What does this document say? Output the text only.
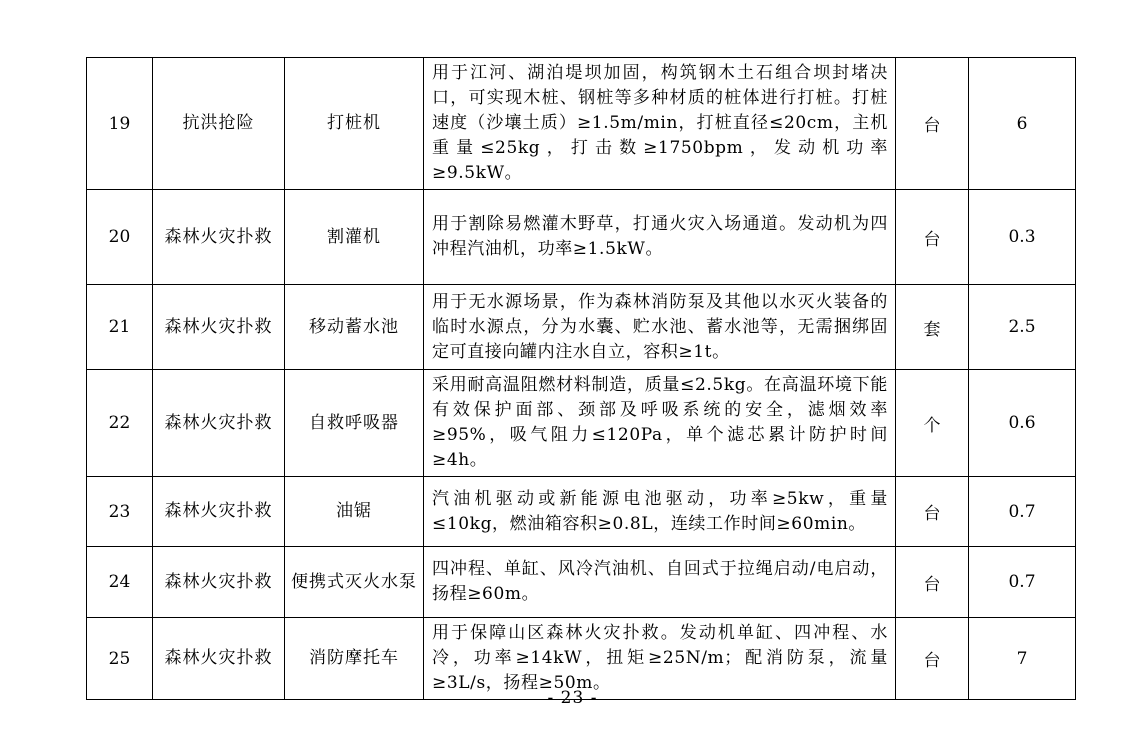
19	抗洪抢险	打桩机	用于江河、湖泊堤坝加固，构筑钢木土石组合坝封堵决口，可实现木桩、钢桩等多种材质的桩体进行打桩。打桩速度（沙壤土质）≥1.5m/min，打桩直径≤20cm，主机重量≤25kg，打击数≥1750bpm，发动机功率≥9.5kW。	台	6
20	森林火灾扑救	割灌机	用于割除易燃灌木野草，打通火灾入场通道。发动机为四冲程汽油机，功率≥1.5kW。	台	0.3
21	森林火灾扑救	移动蓄水池	用于无水源场景，作为森林消防泵及其他以水灭火装备的临时水源点，分为水囊、贮水池、蓄水池等，无需捆绑固定可直接向罐内注水自立，容积≥1t。	套	2.5
22	森林火灾扑救	自救呼吸器	采用耐高温阻燃材料制造，质量≤2.5kg。在高温环境下能有效保护面部、颈部及呼吸系统的安全，滤烟效率≥95%，吸气阻力≤120Pa，单个滤芯累计防护时间≥4h。	个	0.6
23	森林火灾扑救	油锯	汽油机驱动或新能源电池驱动，功率≥5kw，重量≤10kg，燃油箱容积≥0.8L，连续工作时间≥60min。	台	0.7
24	森林火灾扑救	便携式灭火水泵	四冲程、单缸、风冷汽油机、自回式于拉绳启动/电启动，扬程≥60m。	台	0.7
25	森林火灾扑救	消防摩托车	用于保障山区森林火灾扑救。发动机单缸、四冲程、水冷，功率≥14kW，扭矩≥25N/m；配消防泵，流量≥3L/s，扬程≥50m。	台	7
- 23 -
